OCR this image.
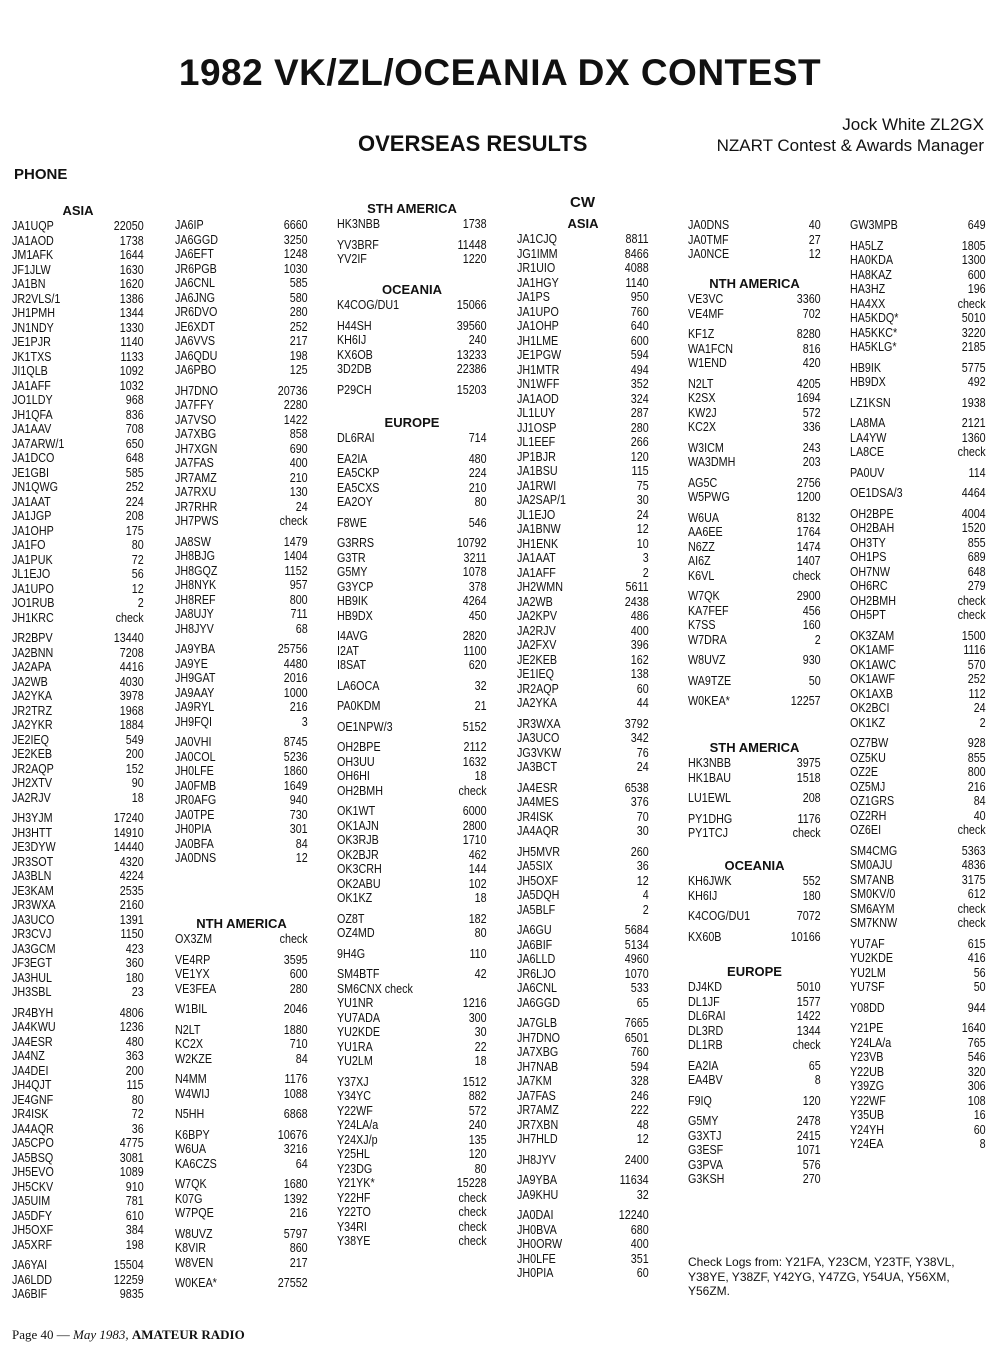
1982 VK/ZL/OCEANIA DX CONTEST
Jock White ZL2GX
NZART Contest & Awards Manager
OVERSEAS RESULTS
PHONE
CW
ASIA
JA1UQP	22050
JA1AOD	1738
JM1AFK	1644
JF1JLW	1630
JA1BN	1620
JR2VLS/1	1386
JH1PMH	1344
JN1NDY	1330
JE1PJR	1140
JK1TXS	1133
JI1QLB	1092
JA1AFF	1032
JO1LDY	968
JH1QFA	836
JA1AAV	708
JA7ARW/1	650
JA1DCO	648
JE1GBI	585
JN1QWG	252
JA1AAT	224
JA1JGP	208
JA1OHP	175
JA1FO	80
JA1PUK	72
JL1EJO	56
JA1UPO	12
JO1RUB	2
JH1KRC	check
JR2BPV	13440
JA2BNN	7208
JA2APA	4416
JA2WB	4030
JA2YKA	3978
JR2TRZ	1968
JA2YKR	1884
JE2IEQ	549
JE2KEB	200
JR2AQP	152
JH2XTV	90
JA2RJV	18
JH3YJM	17240
JH3HTT	14910
JE3DYW	14440
JR3SOT	4320
JA3BLN	4224
JE3KAM	2535
JR3WXA	2160
JA3UCO	1391
JR3CVJ	1150
JA3GCM	423
JF3EGT	360
JA3HUL	180
JH3SBL	23
JR4BYH	4806
JA4KWU	1236
JA4ESR	480
JA4NZ	363
JA4DEI	200
JH4QJT	115
JE4GNF	80
JR4ISK	72
JA4AQR	36
JA5CPO	4775
JA5BSQ	3081
JH5EVO	1089
JH5CKV	910
JA5UIM	781
JA5DFY	610
JH5OXF	384
JA5XRF	198
JA6YAI	15504
JA6LDD	12259
JA6BIF	9835
JA6IP	6660
JA6GGD	3250
JA6EFT	1248
JR6PGB	1030
JA6CNL	585
JA6JNG	580
JR6DVO	280
JE6XDT	252
JA6VVS	217
JA6QDU	198
JA6PBO	125
JH7DNO	20736
JA7FFY	2280
JA7VSO	1422
JA7XBG	858
JH7XGN	690
JA7FAS	400
JR7AMZ	210
JA7RXU	130
JR7RHR	24
JH7PWS	check
JA8SW	1479
JH8BJG	1404
JH8GQZ	1152
JH8NYK	957
JH8REF	800
JA8UJY	711
JH8JYV	68
JA9YBA	25756
JA9YE	4480
JH9GAT	2016
JA9AAY	1000
JA9RYL	216
JH9FQI	3
JA0VHI	8745
JA0COL	5236
JH0LFE	1860
JA0FMB	1649
JR0AFG	940
JA0TPE	730
JH0PIA	301
JA0BFA	84
JA0DNS	12
NTH AMERICA
OX3ZM	check
VE4RP	3595
VE1YX	600
VE3FEA	280
W1BIL	2046
N2LT	1880
KC2X	710
W2KZE	84
N4MM	1176
W4WIJ	1088
N5HH	6868
K6BPY	10676
W6UA	3216
KA6CZS	64
W7QK	1680
K07G	1392
W7PQE	216
W8UVZ	5797
K8VIR	860
W8VEN	217
W0KEA*	27552
STH AMERICA
HK3NBB	1738
YV3BRF	11448
YV2IF	1220
OCEANIA
K4COG/DU1	15066
H44SH	39560
KH6IJ	240
KX6OB	13233
3D2DB	22386
P29CH	15203
EUROPE
DL6RAI	714
EA2IA	480
EA5CKP	224
EA5CXS	210
EA2OY	80
F8WE	546
G3RRS	10792
G3TR	3211
G5MY	1078
G3YCP	378
HB9IK	4264
HB9DX	450
I4AVG	2820
I2AT	1100
I8SAT	620
LA6OCA	32
PA0KDM	21
OE1NPW/3	5152
OH2BPE	2112
OH3UU	1632
OH6HI	18
OH2BMH	check
OK1WT	6000
OK1AJN	2800
OK3RJB	1710
OK2BJR	462
OK3CRH	144
OK2ABU	102
OK1KZ	18
OZ8T	182
OZ4MD	80
9H4G	110
SM4BTF	42
SM6CNX check
YU1NR	1216
YU7ADA	300
YU2KDE	30
YU1RA	22
YU2LM	18
Y37XJ	1512
Y34YC	882
Y22WF	572
Y24LA/a	240
Y24XJ/p	135
Y25HL	120
Y23DG	80
Y21YK*	15228
Y22HF	check
Y22TO	check
Y34RI	check
Y38YE	check
ASIA
JA1CJQ	8811
JG1IMM	8466
JR1UIO	4088
JA1HGY	1140
JA1PS	950
JA1UPO	760
JA1OHP	640
JH1LME	600
JE1PGW	594
JH1MTR	494
JN1WFF	352
JA1AOD	324
JL1LUY	287
JJ1OSP	280
JL1EEF	266
JP1BJR	120
JA1BSU	115
JA1RWI	75
JA2SAP/1	30
JL1EJO	24
JA1BNW	12
JH1ENK	10
JA1AAT	3
JA1AFF	2
JH2WMN	5611
JA2WB	2438
JA2KPV	486
JA2RJV	400
JA2FXV	396
JE2KEB	162
JE1IEQ	138
JR2AQP	60
JA2YKA	44
JR3WXA	3792
JA3UCO	342
JG3VKW	76
JA3BCT	24
JA4ESR	6538
JA4MES	376
JR4ISK	70
JA4AQR	30
JH5MVR	260
JA5SIX	36
JH5OXF	12
JA5DQH	4
JA5BLF	2
JA6GU	5684
JA6BIF	5134
JA6LLD	4960
JR6LJO	1070
JA6CNL	533
JA6GGD	65
JA7GLB	7665
JH7DNO	6501
JA7XBG	760
JH7NAB	594
JA7KM	328
JA7FAS	246
JR7AMZ	222
JR7XBN	48
JH7HLD	12
JH8JYV	2400
JA9YBA	11634
JA9KHU	32
JA0DAI	12240
JH0BVA	680
JH0ORW	400
JH0LFE	351
JH0PIA	60
JA0DNS	40
JA0TMF	27
JA0NCE	12
NTH AMERICA
VE3VC	3360
VE4MF	702
KF1Z	8280
WA1FCN	816
W1END	420
N2LT	4205
K2SX	1694
KW2J	572
KC2X	336
W3ICM	243
WA3DMH	203
AG5C	2756
W5PWG	1200
W6UA	8132
AA6EE	1764
N6ZZ	1474
AI6Z	1407
K6VL	check
W7QK	2900
KA7FEF	456
K7SS	160
W7DRA	2
W8UVZ	930
WA9TZE	50
W0KEA*	12257
STH AMERICA
HK3NBB	3975
HK1BAU	1518
LU1EWL	208
PY1DHG	1176
PY1TCJ	check
OCEANIA
KH6JWK	552
KH6IJ	180
K4COG/DU1	7072
KX60B	10166
EUROPE
DJ4KD	5010
DL1JF	1577
DL6RAI	1422
DL3RD	1344
DL1RB	check
EA2IA	65
EA4BV	8
F9IQ	120
G5MY	2478
G3XTJ	2415
G3ESF	1071
G3PVA	576
G3KSH	270
GW3MPB	649
HA5LZ	1805
HA0KDA	1300
HA8KAZ	600
HA3HZ	196
HA4XX	check
HA5KDQ*	5010
HA5KKC*	3220
HA5KLG*	2185
HB9IK	5775
HB9DX	492
LZ1KSN	1938
LA8MA	2121
LA4YW	1360
LA8CE	check
PA0UV	114
OE1DSA/3	4464
OH2BPE	4004
OH2BAH	1520
OH3TY	855
OH1PS	689
OH7NW	648
OH6RC	279
OH2BMH	check
OH5PT	check
OK3ZAM	1500
OK1AMF	1116
OK1AWC	570
OK1AWF	252
OK1AXB	112
OK2BCI	24
OK1KZ	2
OZ7BW	928
OZ5KU	855
OZ2E	800
OZ5MJ	216
OZ1GRS	84
OZ2RH	40
OZ6EI	check
SM4CMG	5363
SM0AJU	4836
SM7ANB	3175
SM0KV/0	612
SM6AYM	check
SM7KNW	check
YU7AF	615
YU2KDE	416
YU2LM	56
YU7SF	50
Y08DD	944
Y21PE	1640
Y24LA/a	765
Y23VB	546
Y22UB	320
Y39ZG	306
Y22WF	108
Y35UB	16
Y24YH	60
Y24EA	8
Check Logs from: Y21FA, Y23CM, Y23TF, Y38VL, Y38YE, Y38ZF, Y42YG, Y47ZG, Y54UA, Y56XM, Y56ZM.
Page 40 — May 1983, AMATEUR RADIO
